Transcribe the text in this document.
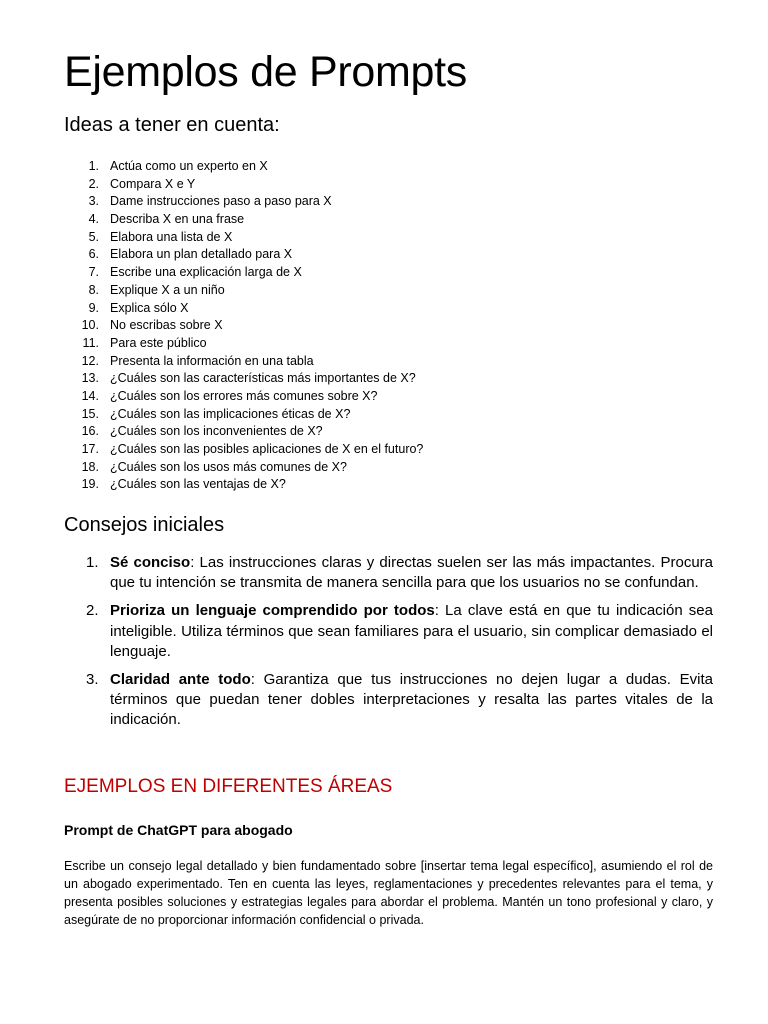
Ejemplos de Prompts
Ideas a tener en cuenta:
1. Actúa como un experto en X
2. Compara X e Y
3. Dame instrucciones paso a paso para X
4. Describa X en una frase
5. Elabora una lista de X
6. Elabora un plan detallado para X
7. Escribe una explicación larga de X
8. Explique X a un niño
9. Explica sólo X
10. No escribas sobre X
11. Para este público
12. Presenta la información en una tabla
13. ¿Cuáles son las características más importantes de X?
14. ¿Cuáles son los errores más comunes sobre X?
15. ¿Cuáles son las implicaciones éticas de X?
16. ¿Cuáles son los inconvenientes de X?
17. ¿Cuáles son las posibles aplicaciones de X en el futuro?
18. ¿Cuáles son los usos más comunes de X?
19. ¿Cuáles son las ventajas de X?
Consejos iniciales
1. Sé conciso: Las instrucciones claras y directas suelen ser las más impactantes. Procura que tu intención se transmita de manera sencilla para que los usuarios no se confundan.
2. Prioriza un lenguaje comprendido por todos: La clave está en que tu indicación sea inteligible. Utiliza términos que sean familiares para el usuario, sin complicar demasiado el lenguaje.
3. Claridad ante todo: Garantiza que tus instrucciones no dejen lugar a dudas. Evita términos que puedan tener dobles interpretaciones y resalta las partes vitales de la indicación.
EJEMPLOS EN DIFERENTES ÁREAS
Prompt de ChatGPT para abogado

Escribe un consejo legal detallado y bien fundamentado sobre [insertar tema legal específico], asumiendo el rol de un abogado experimentado. Ten en cuenta las leyes, reglamentaciones y precedentes relevantes para el tema, y presenta posibles soluciones y estrategias legales para abordar el problema. Mantén un tono profesional y claro, y asegúrate de no proporcionar información confidencial o privada.
